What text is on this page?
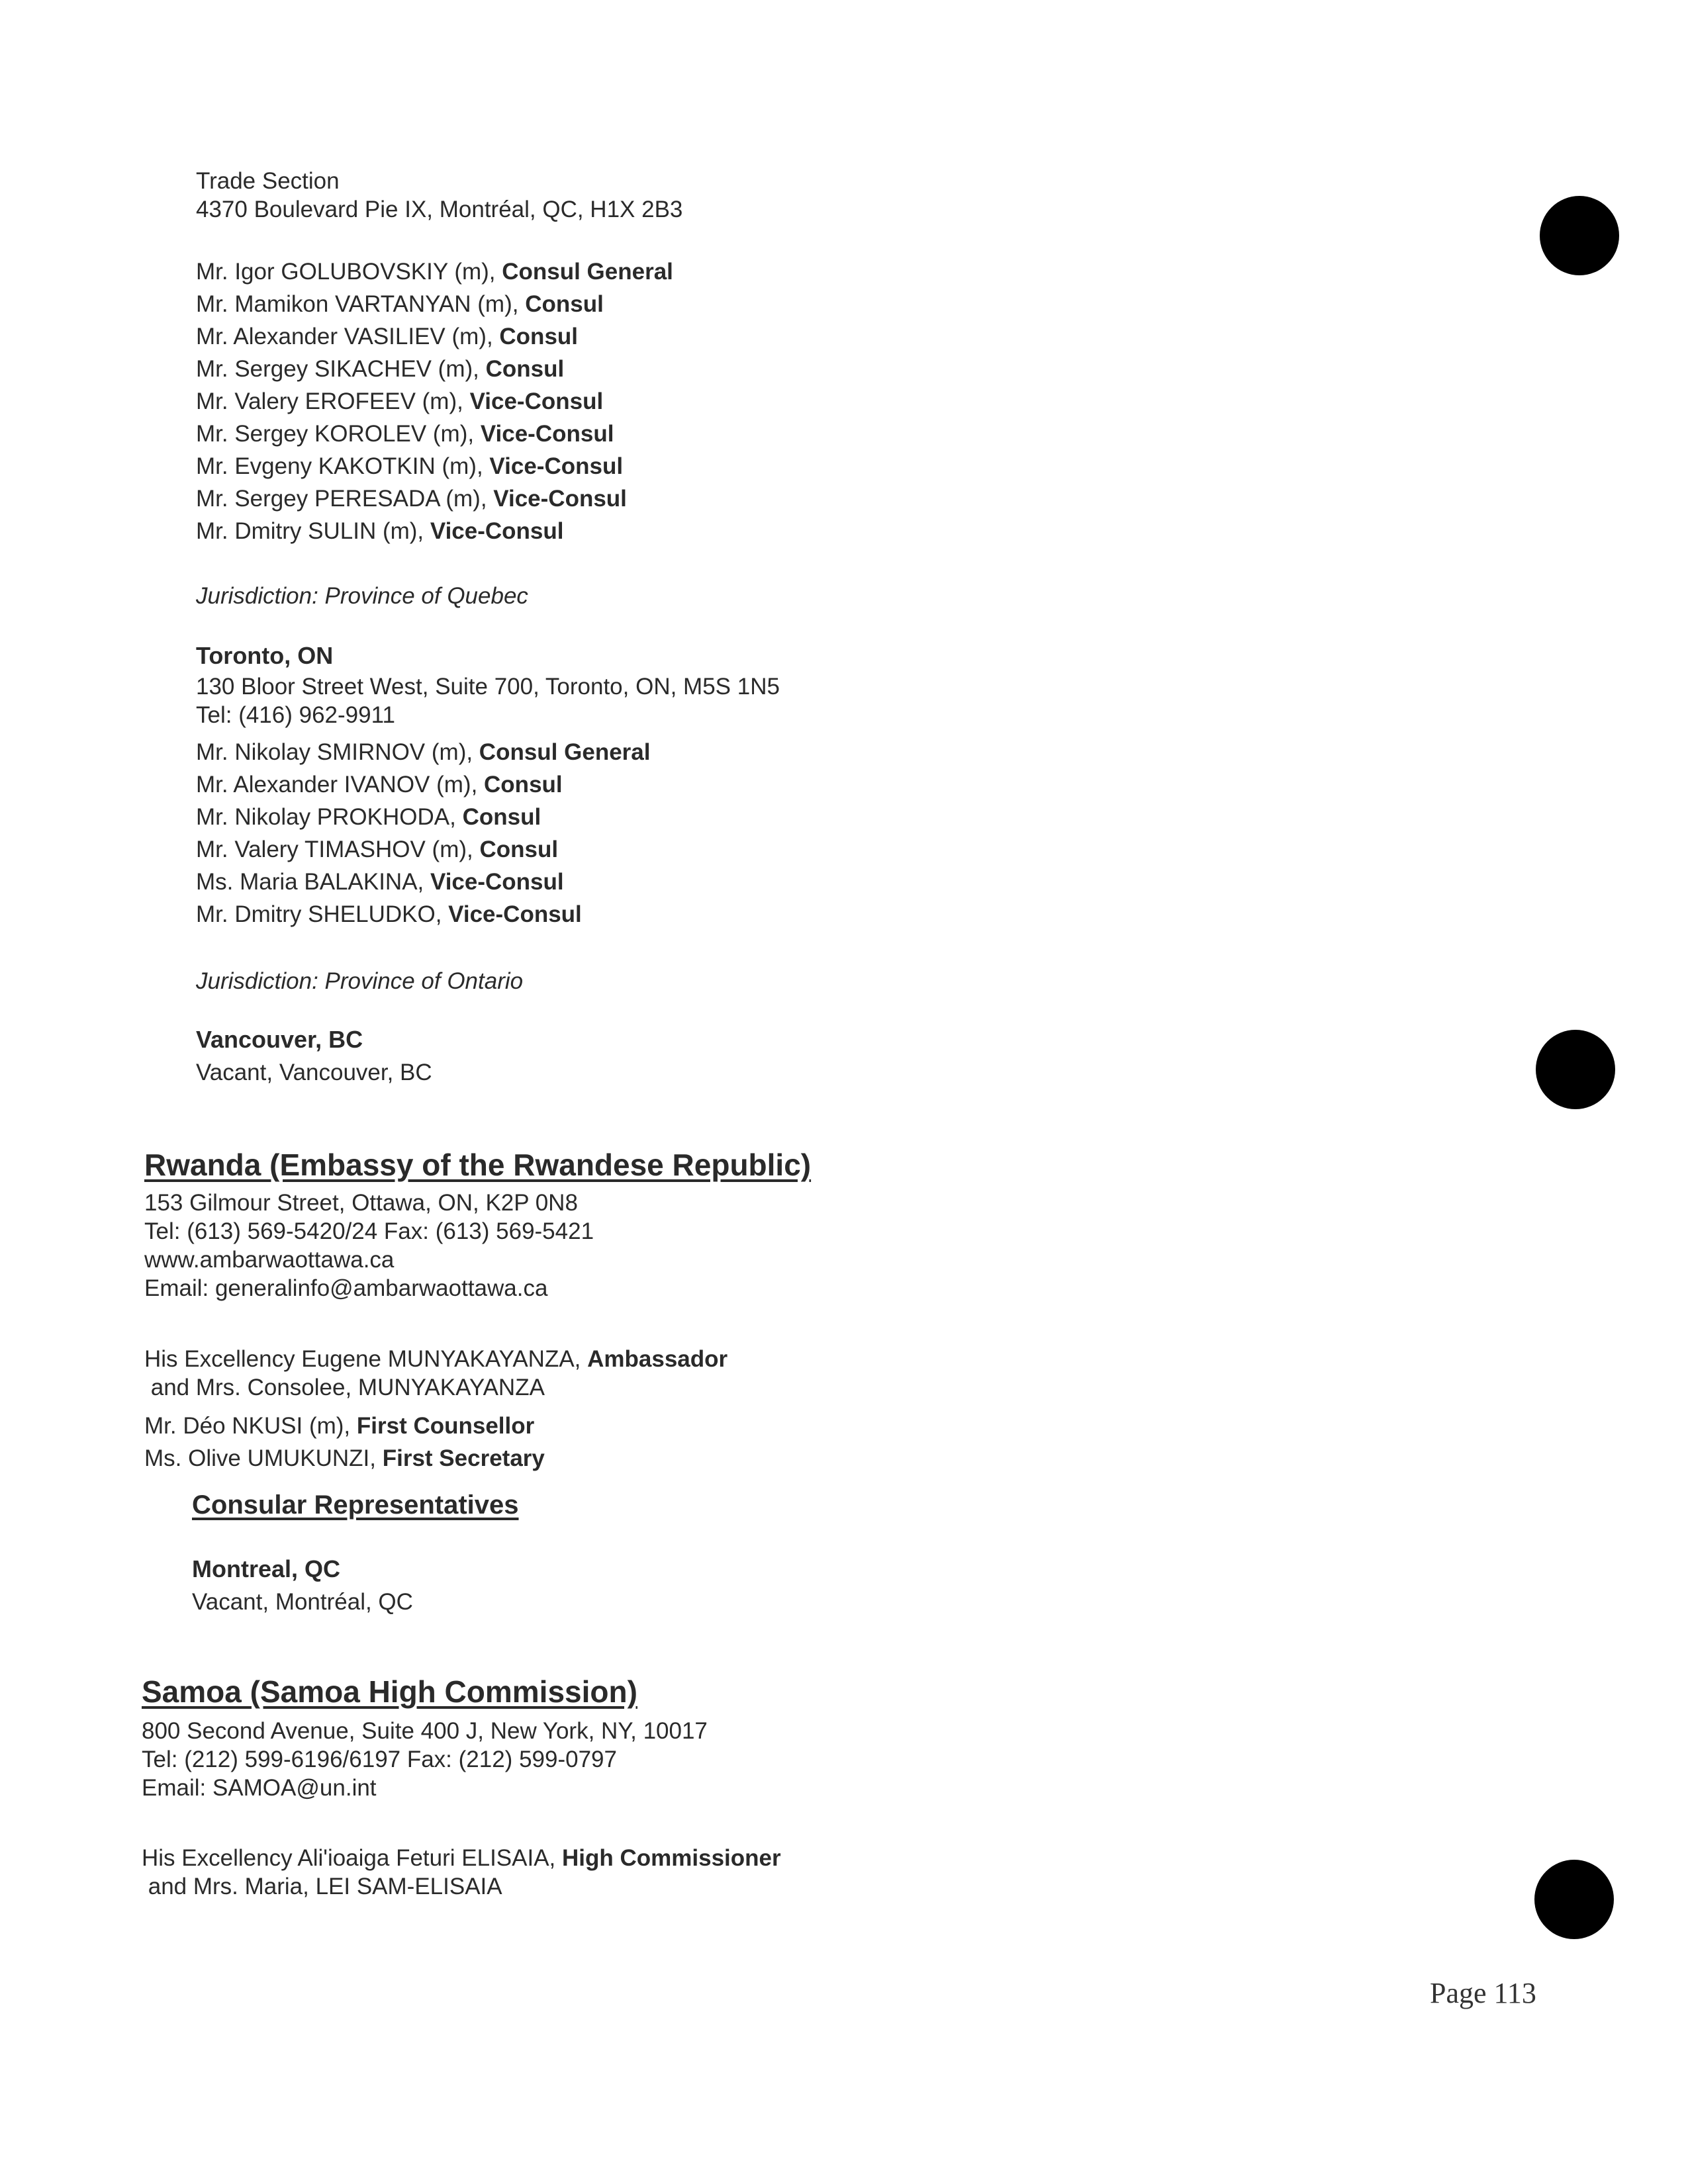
Trade Section
4370 Boulevard Pie IX, Montréal, QC, H1X 2B3
Mr. Igor GOLUBOVSKIY (m), Consul General
Mr. Mamikon VARTANYAN (m), Consul
Mr. Alexander VASILIEV (m), Consul
Mr. Sergey SIKACHEV (m), Consul
Mr. Valery EROFEEV (m), Vice-Consul
Mr. Sergey KOROLEV (m), Vice-Consul
Mr. Evgeny KAKOTKIN (m), Vice-Consul
Mr. Sergey PERESADA (m), Vice-Consul
Mr. Dmitry SULIN (m), Vice-Consul
Jurisdiction: Province of Quebec
Toronto, ON
130 Bloor Street West, Suite 700, Toronto, ON, M5S 1N5
Tel: (416) 962-9911
Mr. Nikolay SMIRNOV (m), Consul General
Mr. Alexander IVANOV (m), Consul
Mr. Nikolay PROKHODA, Consul
Mr. Valery TIMASHOV (m), Consul
Ms. Maria BALAKINA, Vice-Consul
Mr. Dmitry SHELUDKO, Vice-Consul
Jurisdiction: Province of Ontario
Vancouver, BC
Vacant, Vancouver, BC
Rwanda (Embassy of the Rwandese Republic)
153 Gilmour Street, Ottawa, ON, K2P 0N8
Tel: (613) 569-5420/24 Fax: (613) 569-5421
www.ambarwaottawa.ca
Email: generalinfo@ambarwaottawa.ca
His Excellency Eugene MUNYAKAYANZA, Ambassador
and Mrs. Consolee, MUNYAKAYANZA
Mr. Déo NKUSI (m), First Counsellor
Ms. Olive UMUKUNZI, First Secretary
Consular Representatives
Montreal, QC
Vacant, Montréal, QC
Samoa (Samoa High Commission)
800 Second Avenue, Suite 400 J, New York, NY, 10017
Tel: (212) 599-6196/6197 Fax: (212) 599-0797
Email: SAMOA@un.int
His Excellency Ali'ioaiga Feturi ELISAIA, High Commissioner
and Mrs. Maria, LEI SAM-ELISAIA
Page 113
